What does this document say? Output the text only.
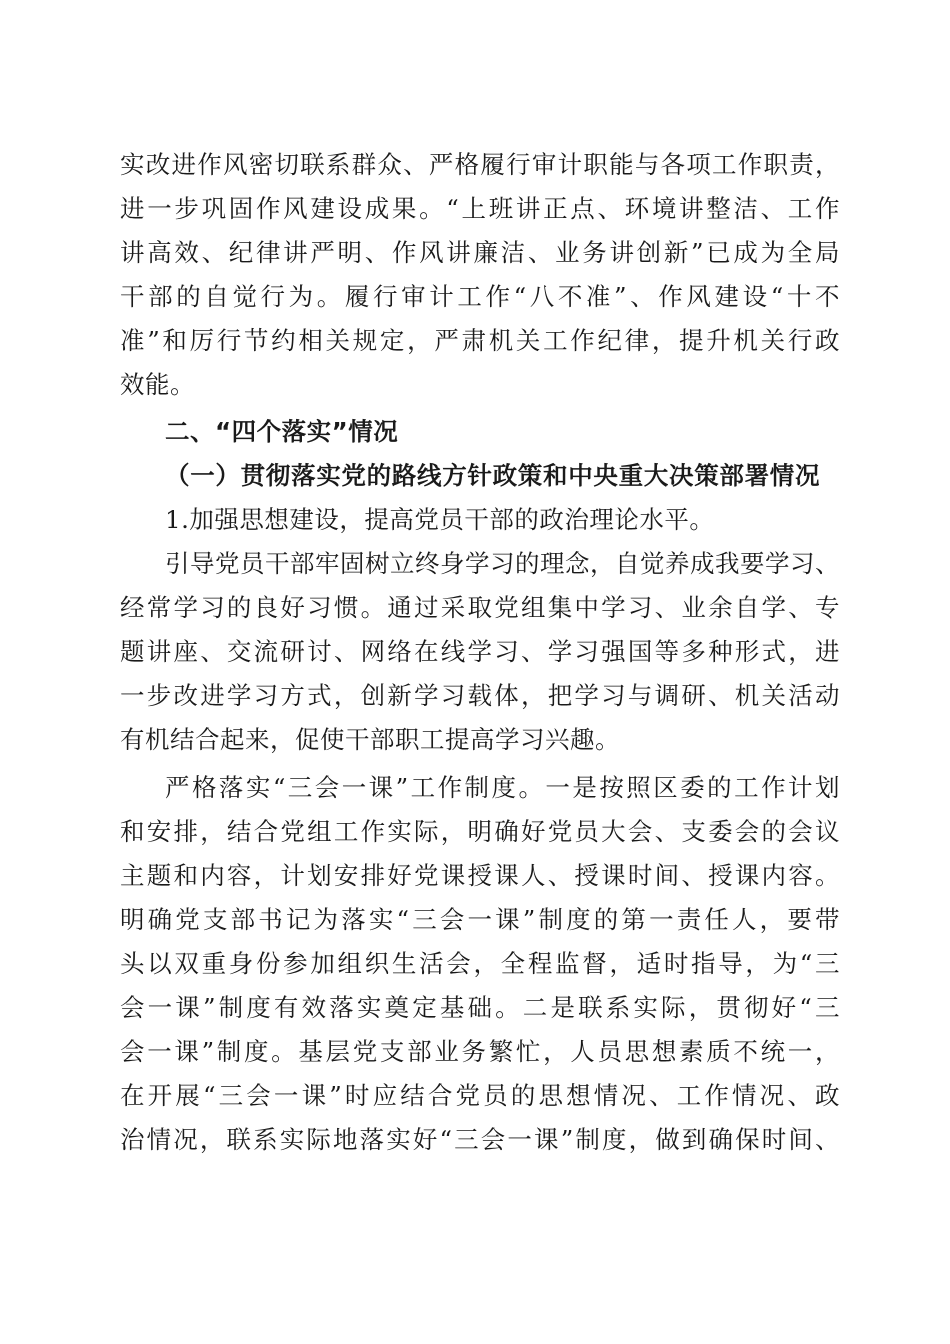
实改进作风密切联系群众、严格履行审计职能与各项工作职责，
进一步巩固作风建设成果。“上班讲正点、环境讲整洁、工作
讲高效、纪律讲严明、作风讲廉洁、业务讲创新”已成为全局
干部的自觉行为。履行审计工作“八不准”、作风建设“十不
准”和厉行节约相关规定，严肃机关工作纪律，提升机关行政
效能。
二、“四个落实”情况
（一）贯彻落实党的路线方针政策和中央重大决策部署情况
1.加强思想建设，提高党员干部的政治理论水平。
引导党员干部牢固树立终身学习的理念，自觉养成我要学习、
经常学习的良好习惯。通过采取党组集中学习、业余自学、专
题讲座、交流研讨、网络在线学习、学习强国等多种形式，进
一步改进学习方式，创新学习载体，把学习与调研、机关活动
有机结合起来，促使干部职工提高学习兴趣。
严格落实“三会一课”工作制度。一是按照区委的工作计划
和安排，结合党组工作实际，明确好党员大会、支委会的会议
主题和内容，计划安排好党课授课人、授课时间、授课内容。
明确党支部书记为落实“三会一课”制度的第一责任人，要带
头以双重身份参加组织生活会，全程监督，适时指导，为“三
会一课”制度有效落实奠定基础。二是联系实际，贯彻好“三
会一课”制度。基层党支部业务繁忙，人员思想素质不统一，
在开展“三会一课”时应结合党员的思想情况、工作情况、政
治情况，联系实际地落实好“三会一课”制度，做到确保时间、
